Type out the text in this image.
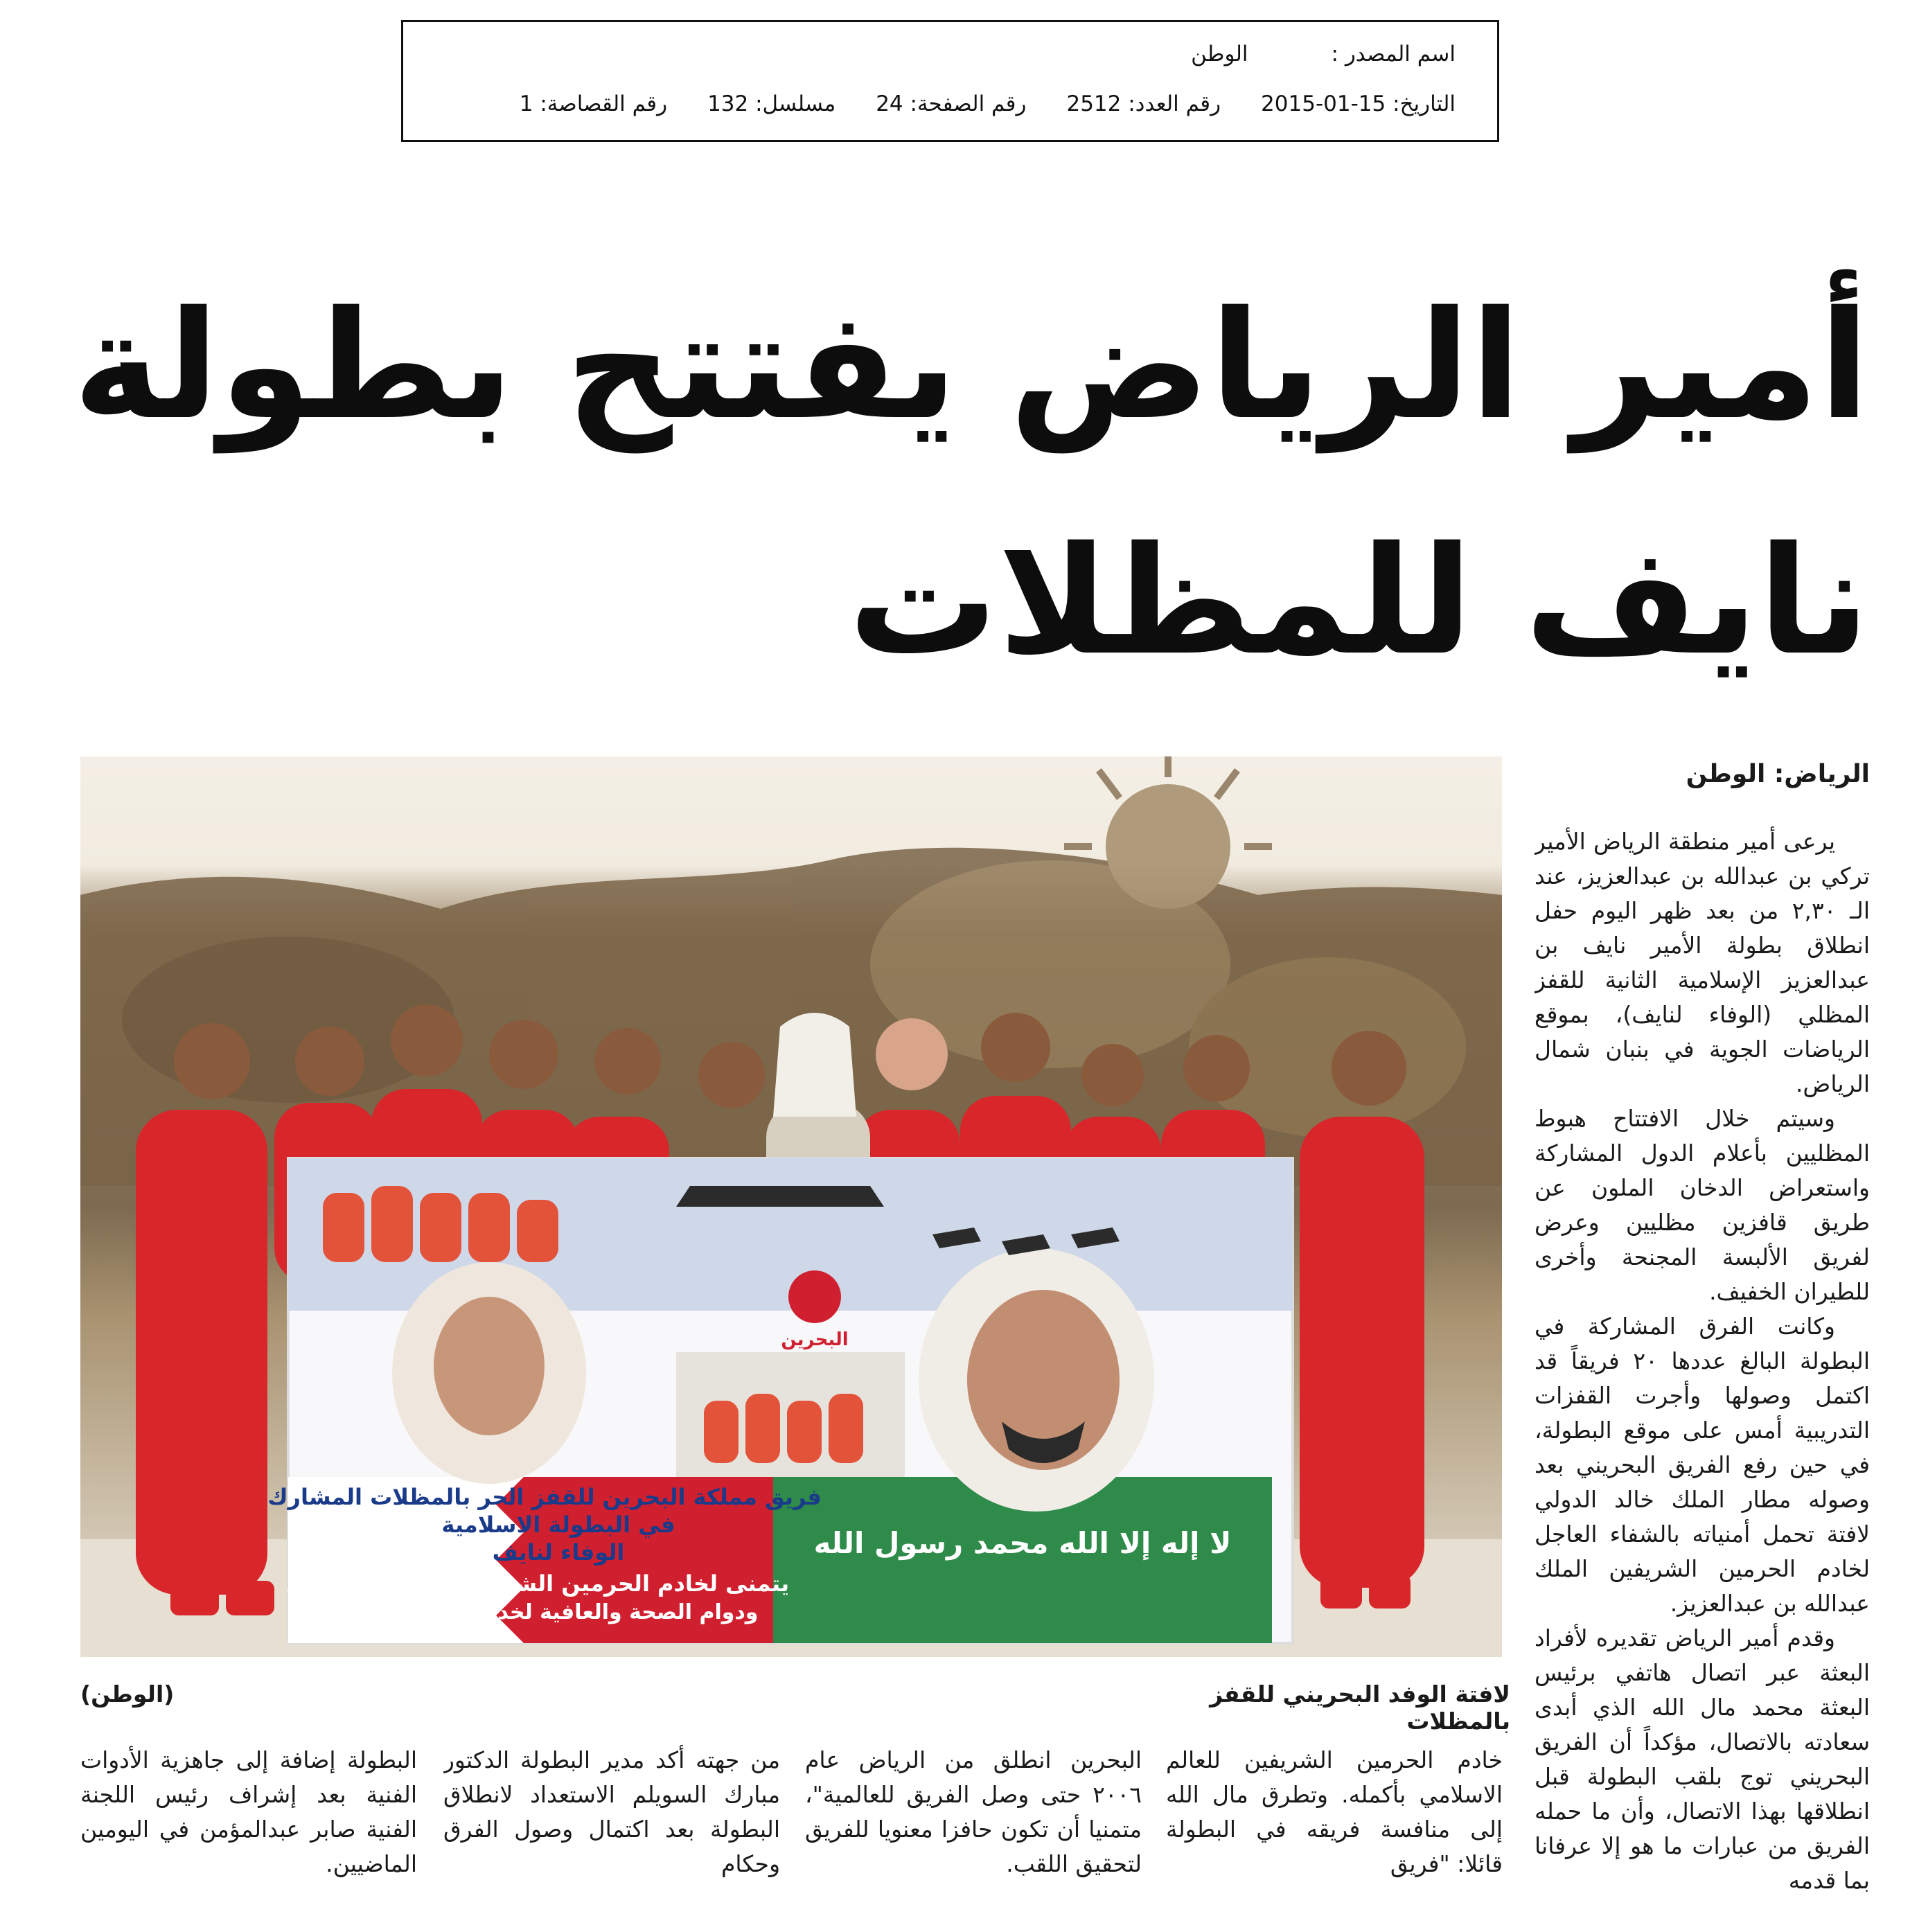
اسم المصدر :الوطن
التاريخ: 15-01-2015رقم العدد: 2512رقم الصفحة: 24مسلسل: 132رقم القصاصة: 1
أمير الرياض يفتتح بطولة
نايف للمظلات
الرياض: الوطن

يرعى أمير منطقة الرياض الأمير تركي بن عبدالله بن عبدالعزيز، عند الـ ٢,٣٠ من بعد ظهر اليوم حفل انطلاق بطولة الأمير نايف بن عبدالعزيز الإسلامية الثانية للقفز المظلي (الوفاء لنايف)، بموقع الرياضات الجوية في بنبان شمال الرياض.

وسيتم خلال الافتتاح هبوط المظليين بأعلام الدول المشاركة واستعراض الدخان الملون عن طريق قافزين مظليين وعرض لفريق الألبسة المجنحة وأخرى للطيران الخفيف.

وكانت الفرق المشاركة في البطولة البالغ عددها ٢٠ فريقاً قد اكتمل وصولها وأجرت القفزات التدريبية أمس على موقع البطولة، في حين رفع الفريق البحريني بعد وصوله مطار الملك خالد الدولي لافتة تحمل أمنياته بالشفاء العاجل لخادم الحرمين الشريفين الملك عبدالله بن عبدالعزيز.

وقدم أمير الرياض تقديره لأفراد البعثة عبر اتصال هاتفي برئيس البعثة محمد مال الله الذي أبدى سعادته بالاتصال، مؤكداً أن الفريق البحريني توج بلقب البطولة قبل انطلاقها بهذا الاتصال، وأن ما حمله الفريق من عبارات ما هو إلا عرفانا بما قدمه

البحرين
فريق مملكة البحرين للقفز الحر بالمظلات المشارك
في البطولة الاسلامية
الوفاء لنايف
يتمنى لخادم الحرمين الشريفين الشفاء العاجل
ودوام الصحة والعافية لخدمة الأمة الاسلامية
لا إله إلا الله محمد رسول الله
لافتة الوفد البحريني للقفز بالمظلات
(الوطن)
خادم الحرمين الشريفين للعالم الاسلامي بأكمله. وتطرق مال الله إلى منافسة فريقه في البطولة قائلا: "فريق
البحرين انطلق من الرياض عام ٢٠٠٦ حتى وصل الفريق للعالمية"، متمنيا أن تكون حافزا معنويا للفريق لتحقيق اللقب.
من جهته أكد مدير البطولة الدكتور مبارك السويلم الاستعداد لانطلاق البطولة بعد اكتمال وصول الفرق وحكام
البطولة إضافة إلى جاهزية الأدوات الفنية بعد إشراف رئيس اللجنة الفنية صابر عبدالمؤمن في اليومين الماضيين.
